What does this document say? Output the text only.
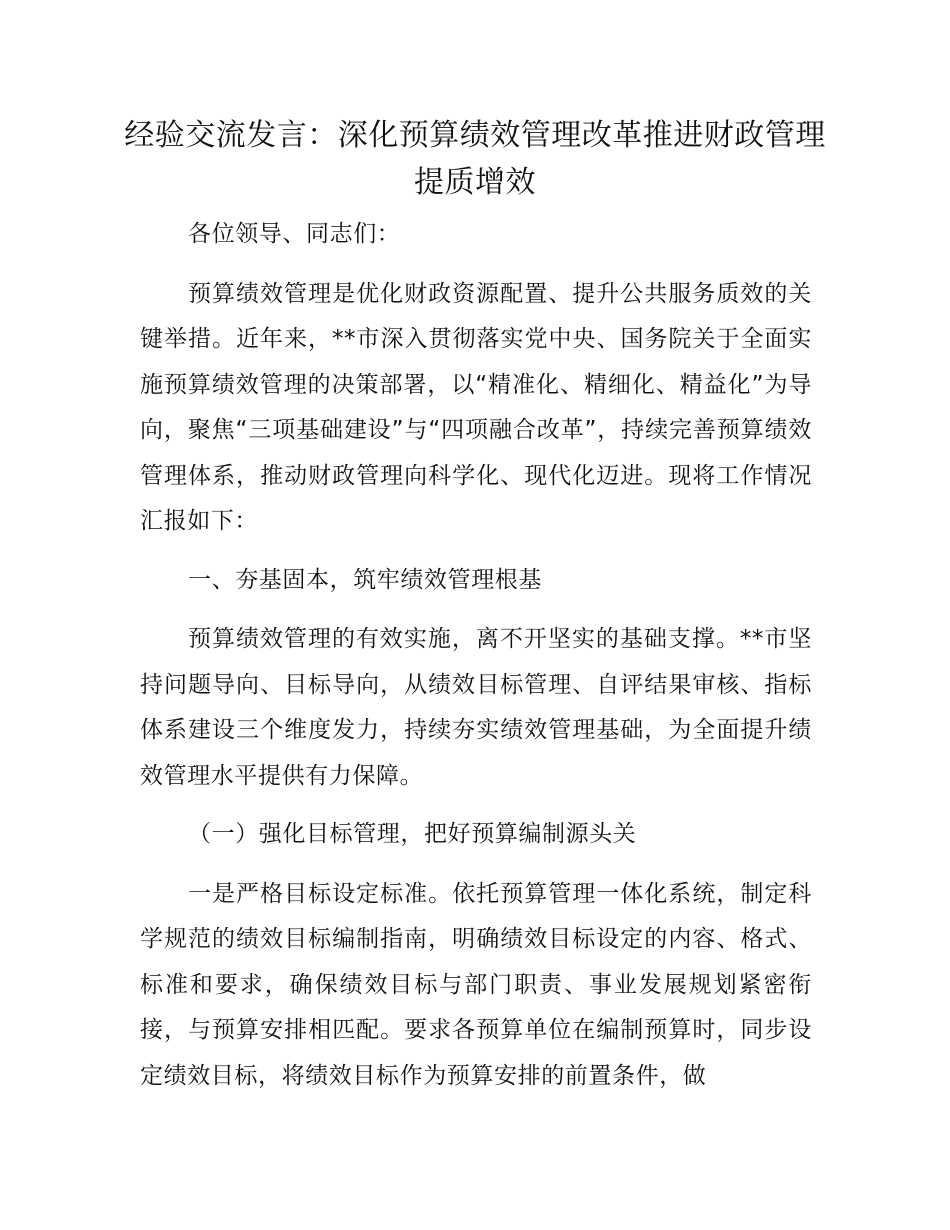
经验交流发言：深化预算绩效管理改革推进财政管理提质增效

各位领导、同志们：

预算绩效管理是优化财政资源配置、提升公共服务质效的关键举措。近年来，**市深入贯彻落实党中央、国务院关于全面实施预算绩效管理的决策部署，以“精准化、精细化、精益化”为导向，聚焦“三项基础建设”与“四项融合改革”，持续完善预算绩效管理体系，推动财政管理向科学化、现代化迈进。现将工作情况汇报如下：

一、夯基固本，筑牢绩效管理根基

预算绩效管理的有效实施，离不开坚实的基础支撑。**市坚持问题导向、目标导向，从绩效目标管理、自评结果审核、指标体系建设三个维度发力，持续夯实绩效管理基础，为全面提升绩效管理水平提供有力保障。

（一）强化目标管理，把好预算编制源头关

一是严格目标设定标准。依托预算管理一体化系统，制定科学规范的绩效目标编制指南，明确绩效目标设定的内容、格式、标准和要求，确保绩效目标与部门职责、事业发展规划紧密衔接，与预算安排相匹配。要求各预算单位在编制预算时，同步设定绩效目标，将绩效目标作为预算安排的前置条件，做
